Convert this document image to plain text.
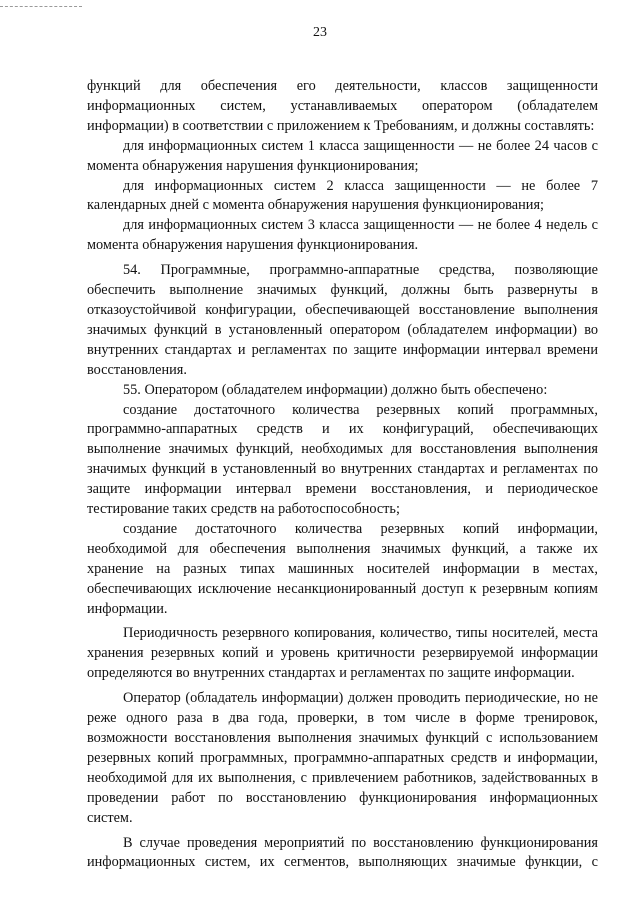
23

функций для обеспечения его деятельности, классов защищенности

информационных систем, устанавливаемых оператором (обладателем

информации) в соответствии с приложением к Требованиям, и должны составлять:

для информационных систем 1 класса защищенности — не более 24 часов с

момента обнаружения нарушения функционирования;

для информационных систем 2 класса защищенности — не более 7

календарных дней с момента обнаружения нарушения функционирования;

для информационных систем 3 класса защищенности — не более 4 недель с

момента обнаружения нарушения функционирования.

54. Программные, программно-аппаратные средства, позволяющие

обеспечить выполнение значимых функций, должны быть развернуты в

отказоустойчивой конфигурации, обеспечивающей восстановление выполнения

значимых функций в установленный оператором (обладателем информации) во

внутренних стандартах и регламентах по защите информации интервал времени

восстановления.

55. Оператором (обладателем информации) должно быть обеспечено:

создание достаточного количества резервных копий программных,

программно-аппаратных средств и их конфигураций, обеспечивающих

выполнение значимых функций, необходимых для восстановления выполнения

значимых функций в установленный во внутренних стандартах и регламентах по

защите информации интервал времени восстановления, и периодическое

тестирование таких средств на работоспособность;

создание достаточного количества резервных копий информации,

необходимой для обеспечения выполнения значимых функций, а также их

хранение на разных типах машинных носителей информации в местах,

обеспечивающих исключение несанкционированный доступ к резервным копиям

информации.

Периодичность резервного копирования, количество, типы носителей, места

хранения резервных копий и уровень критичности резервируемой информации

определяются во внутренних стандартах и регламентах по защите информации.

Оператор (обладатель информации) должен проводить периодические, но не

реже одного раза в два года, проверки, в том числе в форме тренировок,

возможности восстановления выполнения значимых функций с использованием

резервных копий программных, программно-аппаратных средств и информации,

необходимой для их выполнения, с привлечением работников, задействованных в

проведении работ по восстановлению функционирования информационных

систем.

В случае проведения мероприятий по восстановлению функционирования

информационных систем, их сегментов, выполняющих значимые функции, с
